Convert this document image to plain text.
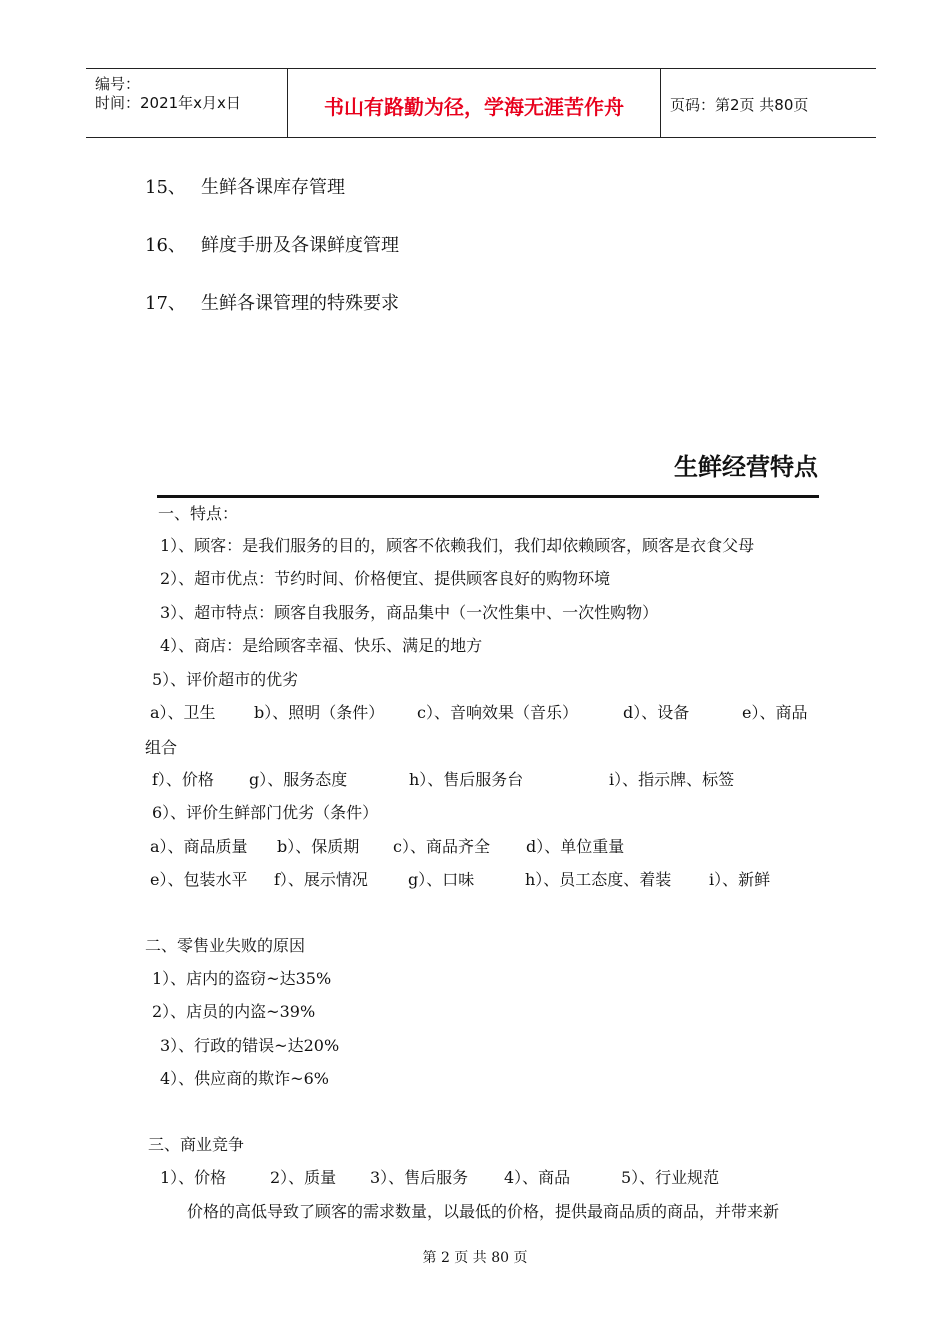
编号：
时间：2021年x月x日	书山有路勤为径，学海无涯苦作舟	页码：第2页 共80页
15、 生鲜各课库存管理
16、 鲜度手册及各课鲜度管理
17、 生鲜各课管理的特殊要求
生鲜经营特点
一、特点：
1）、顾客：是我们服务的目的，顾客不依赖我们，我们却依赖顾客，顾客是衣食父母
2）、超市优点：节约时间、价格便宜、提供顾客良好的购物环境
3）、超市特点：顾客自我服务，商品集中（一次性集中、一次性购物）
4）、商店：是给顾客幸福、快乐、满足的地方
5）、评价超市的优劣
a）、卫生 b）、照明（条件） c）、音响效果（音乐）	d）、设备	e）、商品
组合
f）、价格 g）、服务态度	h）、售后服务台	i）、指示牌、标签
6）、评价生鲜部门优劣（条件）
a）、商品质量 b）、保质期 c）、商品齐全 d）、单位重量
e）、包装水平 f）、展示情况	g）、口味	h）、员工态度、着装 i）、新鲜
二、零售业失败的原因
1）、店内的盗窃~达35%
2）、店员的内盗~39%
3）、行政的错误~达20%
4）、供应商的欺诈~6%
三、商业竞争
1）、价格	2）、质量 3）、售后服务 4）、商品	5）、行业规范
价格的高低导致了顾客的需求数量，以最低的价格，提供最商品质的商品，并带来新
第 2 页 共 80 页
